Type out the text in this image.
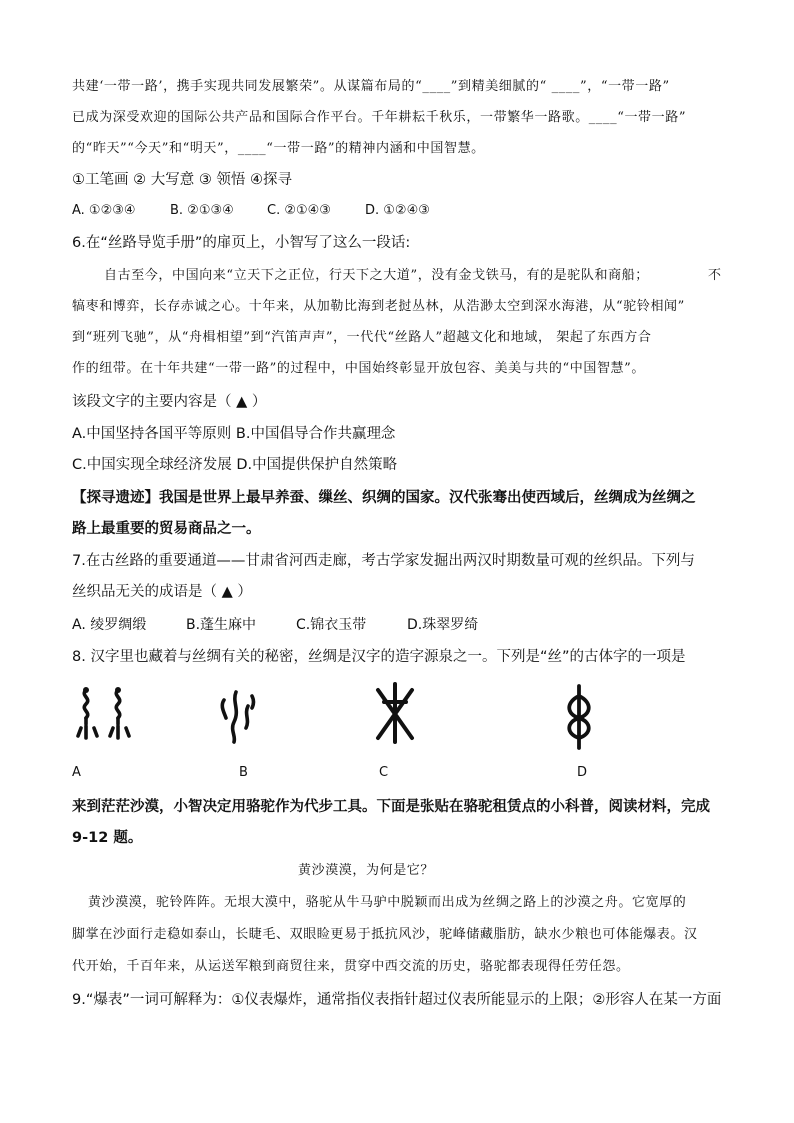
共建‘一带一路’，携手实现共同发展繁荣”。从谋篇布局的“____”到精美细腻的“ ____”，“一带一路”
已成为深受欢迎的国际公共产品和国际合作平台。千年耕耘千秋乐，一带繁华一路歌。____“一带一路”
的“昨天”“今天”和“明天”，____“一带一路”的精神内涵和中国智慧。
①工笔画 ② 大写意 ③ 领悟 ④探寻
A. ①②③④	B. ②①③④	C. ②①④③	D. ①②④③
6.在“丝路导览手册”的扉页上，小智写了这么一段话:
自古至今，中国向来“立天下之正位，行天下之大道”，没有金戈铁马，有的是驼队和商船；	不
犒枣和博弈，长存赤诚之心。十年来，从加勒比海到老挝丛林，从浩渺太空到深水海港，从“驼铃相闻”
到“班列飞驰”，从“舟楫相望”到“汽笛声声”，一代代“丝路人”超越文化和地域， 架起了东西方合
作的纽带。在十年共建“一带一路”的过程中，中国始终彰显开放包容、美美与共的“中国智慧”。
该段文字的主要内容是（ ▲ ）
A.中国坚持各国平等原则 B.中国倡导合作共赢理念
C.中国实现全球经济发展 D.中国提供保护自然策略
【探寻遗迹】我国是世界上最早养蚕、缫丝、织绸的国家。汉代张骞出使西域后，丝绸成为丝绸之
路上最重要的贸易商品之一。
7.在古丝路的重要通道——甘肃省河西走廊，考古学家发掘出两汉时期数量可观的丝织品。下列与
丝织品无关的成语是（ ▲ ）
A. 绫罗绸缎	B.蓬生麻中	C.锦衣玉带	D.珠翠罗绮
8. 汉字里也藏着与丝绸有关的秘密，丝绸是汉字的造字源泉之一。下列是“丝”的古体字的一项是
A	B	C	D
来到茫茫沙漠，小智决定用骆驼作为代步工具。下面是张贴在骆驼租赁点的小科普，阅读材料，完成
9-12 题。
黄沙漠漠，为何是它？
黄沙漠漠，驼铃阵阵。无垠大漠中，骆驼从牛马驴中脱颖而出成为丝绸之路上的沙漠之舟。它宽厚的
脚掌在沙面行走稳如泰山，长睫毛、双眼睑更易于抵抗风沙，驼峰储藏脂肪，缺水少粮也可体能爆表。汉
代开始，千百年来，从运送军粮到商贸往来，贯穿中西交流的历史，骆驼都表现得任劳任怨。
9.“爆表”一词可解释为：①仪表爆炸，通常指仪表指针超过仪表所能显示的上限；②形容人在某一方面
